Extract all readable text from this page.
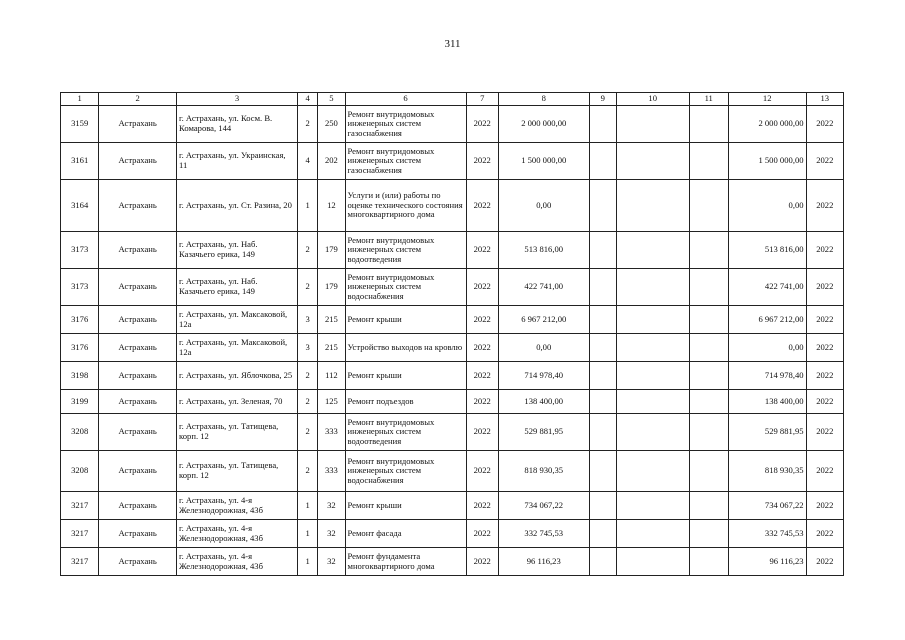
311
1	2	3	4	5	6	7	8	9	10	11	12	13
3159	Астрахань	г. Астрахань, ул. Косм. В. Комарова, 144	2	250	Ремонт внутридомовых инженерных систем газоснабжения	2022	2 000 000,00				2 000 000,00	2022
3161	Астрахань	г. Астрахань, ул. Украинская, 11	4	202	Ремонт внутридомовых инженерных систем газоснабжения	2022	1 500 000,00				1 500 000,00	2022
3164	Астрахань	г. Астрахань, ул. Ст. Разина, 20	1	12	Услуги и (или) работы по оценке технического состояния многоквартирного дома	2022	0,00				0,00	2022
3173	Астрахань	г. Астрахань, ул. Наб. Казачьего ерика, 149	2	179	Ремонт внутридомовых инженерных систем водоотведения	2022	513 816,00				513 816,00	2022
3173	Астрахань	г. Астрахань, ул. Наб. Казачьего ерика, 149	2	179	Ремонт внутридомовых инженерных систем водоснабжения	2022	422 741,00				422 741,00	2022
3176	Астрахань	г. Астрахань, ул. Максаковой, 12а	3	215	Ремонт крыши	2022	6 967 212,00				6 967 212,00	2022
3176	Астрахань	г. Астрахань, ул. Максаковой, 12а	3	215	Устройство выходов на кровлю	2022	0,00				0,00	2022
3198	Астрахань	г. Астрахань, ул. Яблочкова, 25	2	112	Ремонт крыши	2022	714 978,40				714 978,40	2022
3199	Астрахань	г. Астрахань, ул. Зеленая, 70	2	125	Ремонт подъездов	2022	138 400,00				138 400,00	2022
3208	Астрахань	г. Астрахань, ул. Татищева, корп. 12	2	333	Ремонт внутридомовых инженерных систем водоотведения	2022	529 881,95				529 881,95	2022
3208	Астрахань	г. Астрахань, ул. Татищева, корп. 12	2	333	Ремонт внутридомовых инженерных систем водоснабжения	2022	818 930,35				818 930,35	2022
3217	Астрахань	г. Астрахань, ул. 4-я Железнодорожная, 43б	1	32	Ремонт крыши	2022	734 067,22				734 067,22	2022
3217	Астрахань	г. Астрахань, ул. 4-я Железнодорожная, 43б	1	32	Ремонт фасада	2022	332 745,53				332 745,53	2022
3217	Астрахань	г. Астрахань, ул. 4-я Железнодорожная, 43б	1	32	Ремонт фундамента многоквартирного дома	2022	96 116,23				96 116,23	2022
